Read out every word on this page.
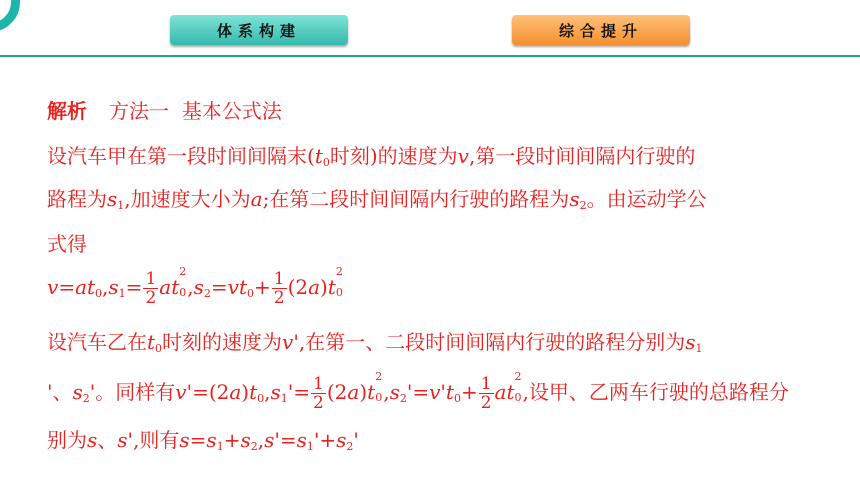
体系构建	综合提升
解析 方法一  基本公式法
设汽车甲在第一段时间间隔末($t_0$时刻)的速度为v,第一段时间间隔内行驶的
路程为$s_1$,加速度大小为a;在第二段时间间隔内行驶的路程为$s_2$。由运动学公
式得
$v=at_0,s_1= \frac{1}{2}$ at
2
0 $,s_2=vt_0+ \frac{1}{2} (2a)t$
2
0
设汽车乙在$t_0$时刻的速度为v',在第一、二段时间间隔内行驶的路程分别为$s_1$
'、$s_2'$。同样有$v'=(2a)t_0,s_1'= \frac{1}{2} (2a)t$
2
0 $,s_2'=v't_0+ \frac{1}{2}$ at
2
0 ,设甲、乙两车行驶的总路程分
别为s、s',则有$s=s_1+s_2,s'=s_1'+s_2'$
